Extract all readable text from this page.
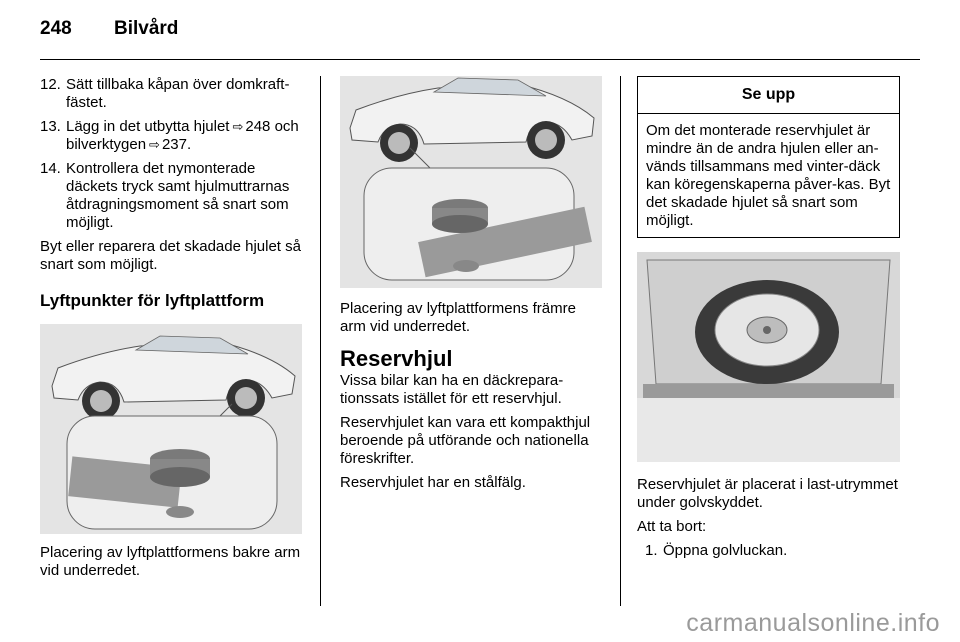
248 Bilvård
12. Sätt tillbaka kåpan över domkraft-fästet.
13. Lägg in det utbytta hjulet ⇨ 248 och bilverktygen ⇨ 237.
14. Kontrollera det nymonterade däckets tryck samt hjulmuttrarnas åtdragningsmoment så snart som möjligt.

Byt eller reparera det skadade hjulet så snart som möjligt.

Lyftpunkter för lyftplattform

Placering av lyftplattformens bakre arm vid underredet.

Placering av lyftplattformens främre arm vid underredet.

Reservhjul

Vissa bilar kan ha en däckrepara-tionssats istället för ett reservhjul.

Reservhjulet kan vara ett kompakthjul beroende på utförande och nationella föreskrifter.

Reservhjulet har en stålfälg.

Se upp
Om det monterade reservhjulet är mindre än de andra hjulen eller an-vänds tillsammans med vinter-däck kan köregenskaperna påver-kas. Byt det skadade hjulet så snart som möjligt.

Reservhjulet är placerat i last-utrymmet under golvskyddet.

Att ta bort:

1. Öppna golvluckan.
carmanualsonline.info
